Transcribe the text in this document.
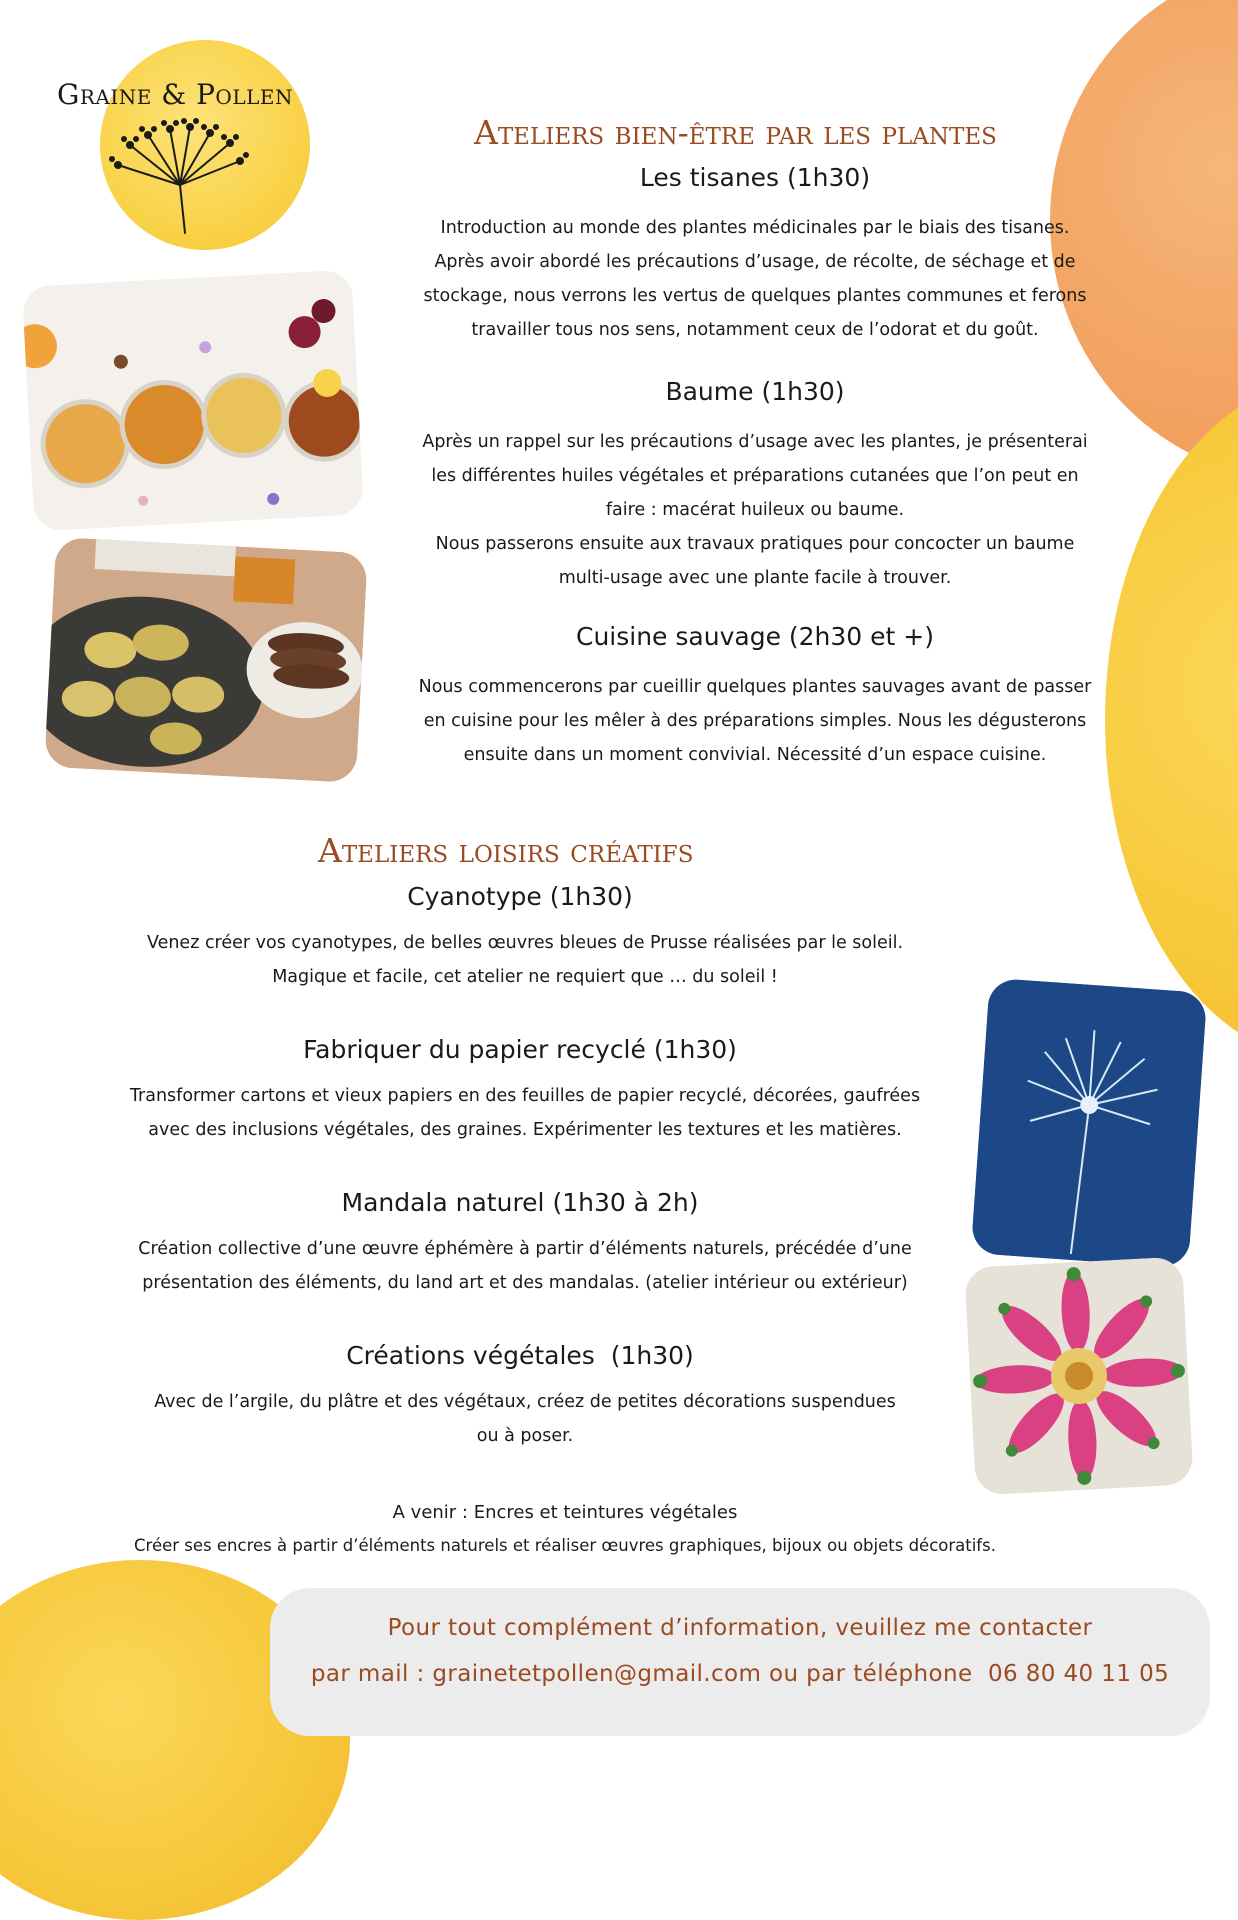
Graine & Pollen
Ateliers bien-être par les plantes
Les tisanes (1h30)
Introduction au monde des plantes médicinales par le biais des tisanes.
Après avoir abordé les précautions d’usage, de récolte, de séchage et de
stockage, nous verrons les vertus de quelques plantes communes et ferons
travailler tous nos sens, notamment ceux de l’odorat et du goût.
Baume (1h30)
Après un rappel sur les précautions d’usage avec les plantes, je présenterai
les différentes huiles végétales et préparations cutanées que l’on peut en
faire : macérat huileux ou baume.
Nous passerons ensuite aux travaux pratiques pour concocter un baume
multi-usage avec une plante facile à trouver.
Cuisine sauvage (2h30 et +)
Nous commencerons par cueillir quelques plantes sauvages avant de passer
en cuisine pour les mêler à des préparations simples. Nous les dégusterons
ensuite dans un moment convivial. Nécessité d’un espace cuisine.
Ateliers loisirs créatifs
Cyanotype (1h30)
Venez créer vos cyanotypes, de belles œuvres bleues de Prusse réalisées par le soleil.
Magique et facile, cet atelier ne requiert que … du soleil !
Fabriquer du papier recyclé (1h30)
Transformer cartons et vieux papiers en des feuilles de papier recyclé, décorées, gaufrées
avec des inclusions végétales, des graines. Expérimenter les textures et les matières.
Mandala naturel (1h30 à 2h)
Création collective d’une œuvre éphémère à partir d’éléments naturels, précédée d’une
présentation des éléments, du land art et des mandalas. (atelier intérieur ou extérieur)
Créations végétales  (1h30)
Avec de l’argile, du plâtre et des végétaux, créez de petites décorations suspendues
ou à poser.
A venir : Encres et teintures végétales
Créer ses encres à partir d’éléments naturels et réaliser œuvres graphiques, bijoux ou objets décoratifs.
Pour tout complément d’information, veuillez me contacter
par mail : grainetetpollen@gmail.com ou par téléphone  06 80 40 11 05
